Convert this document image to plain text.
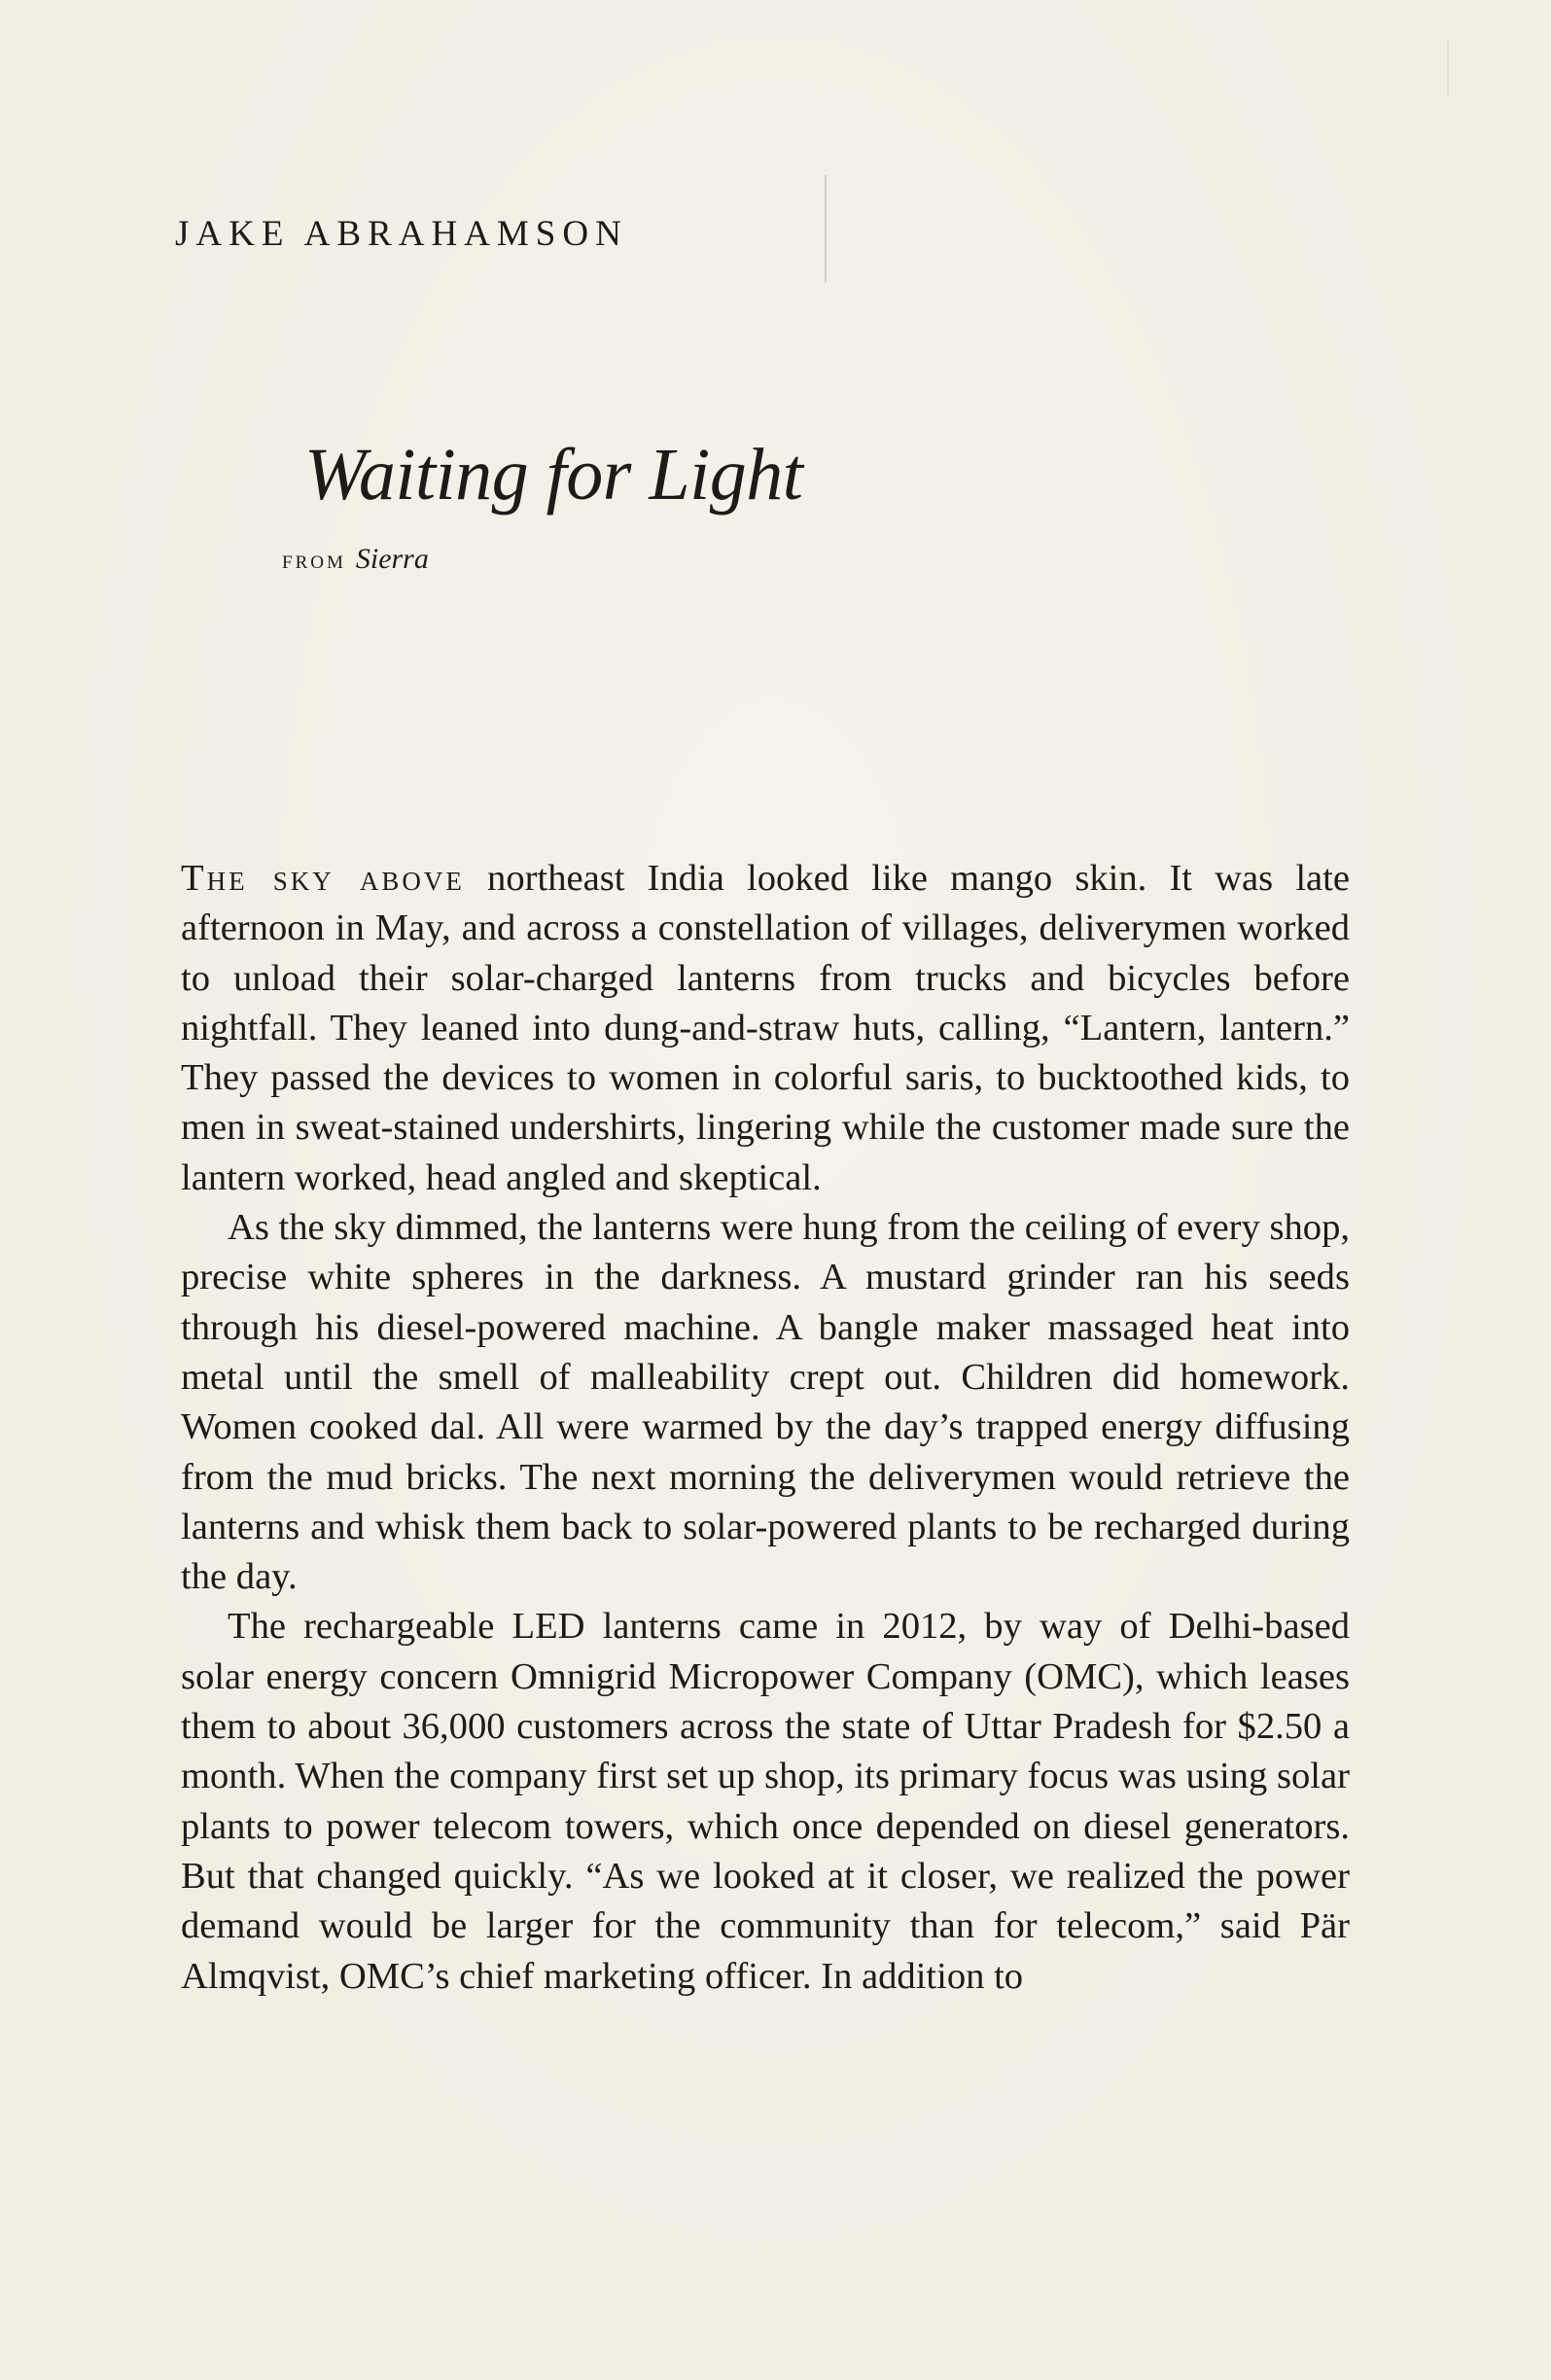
JAKE ABRAHAMSON
Waiting for Light
FROM Sierra

The sky above northeast India looked like mango skin. It was late afternoon in May, and across a constellation of villages, deliverymen worked to unload their solar-charged lanterns from trucks and bicycles before nightfall. They leaned into dung-and-straw huts, calling, “Lantern, lantern.” They passed the devices to women in colorful saris, to bucktoothed kids, to men in sweat-stained undershirts, lingering while the customer made sure the lantern worked, head angled and skeptical.

As the sky dimmed, the lanterns were hung from the ceiling of every shop, precise white spheres in the darkness. A mustard grinder ran his seeds through his diesel-powered machine. A bangle maker massaged heat into metal until the smell of malleability crept out. Children did homework. Women cooked dal. All were warmed by the day’s trapped energy diffusing from the mud bricks. The next morning the deliverymen would retrieve the lanterns and whisk them back to solar-powered plants to be recharged during the day.

The rechargeable LED lanterns came in 2012, by way of Delhi-based solar energy concern Omnigrid Micropower Company (OMC), which leases them to about 36,000 customers across the state of Uttar Pradesh for $2.50 a month. When the company first set up shop, its primary focus was using solar plants to power telecom towers, which once depended on diesel generators. But that changed quickly. “As we looked at it closer, we realized the power demand would be larger for the community than for telecom,” said Pär Almqvist, OMC’s chief marketing officer. In addition to
